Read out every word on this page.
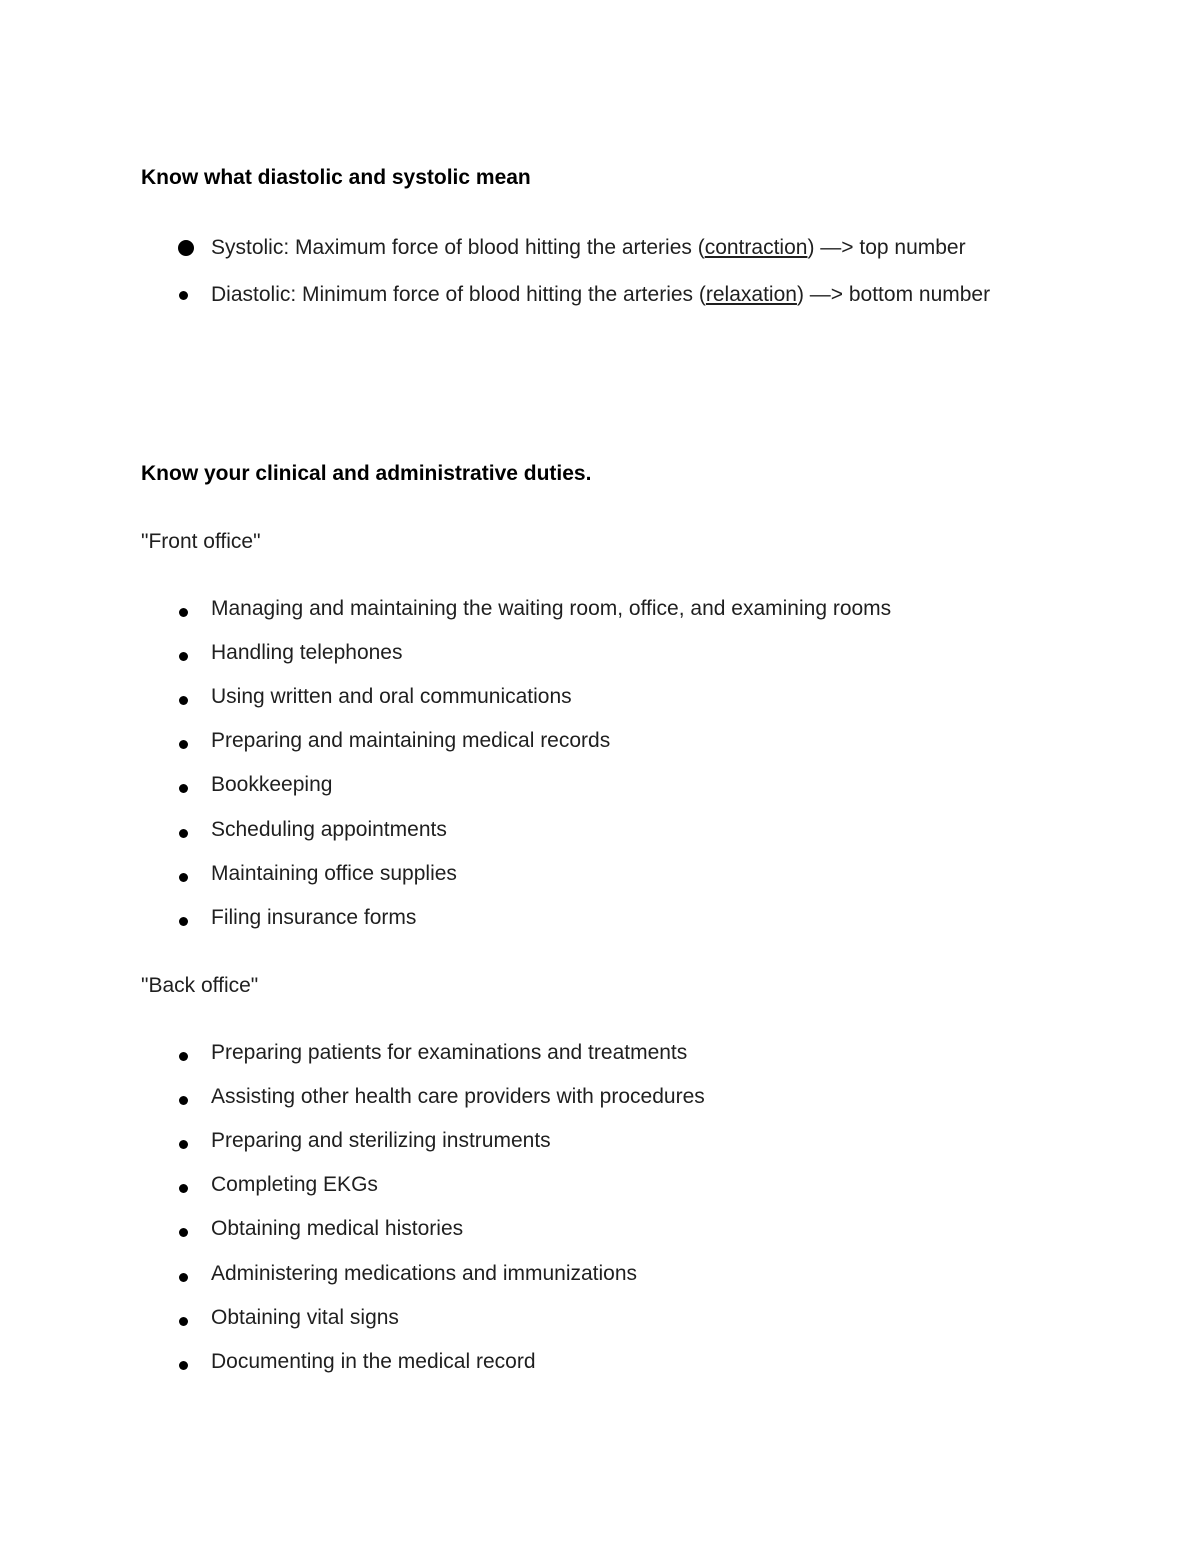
Know what diastolic and systolic mean
Systolic: Maximum force of blood hitting the arteries (contraction) —> top number
Diastolic: Minimum force of blood hitting the arteries (relaxation) —> bottom number
Know your clinical and administrative duties.
"Front office"
Managing and maintaining the waiting room, office, and examining rooms
Handling telephones
Using written and oral communications
Preparing and maintaining medical records
Bookkeeping
Scheduling appointments
Maintaining office supplies
Filing insurance forms
"Back office"
Preparing patients for examinations and treatments
Assisting other health care providers with procedures
Preparing and sterilizing instruments
Completing EKGs
Obtaining medical histories
Administering medications and immunizations
Obtaining vital signs
Documenting in the medical record
